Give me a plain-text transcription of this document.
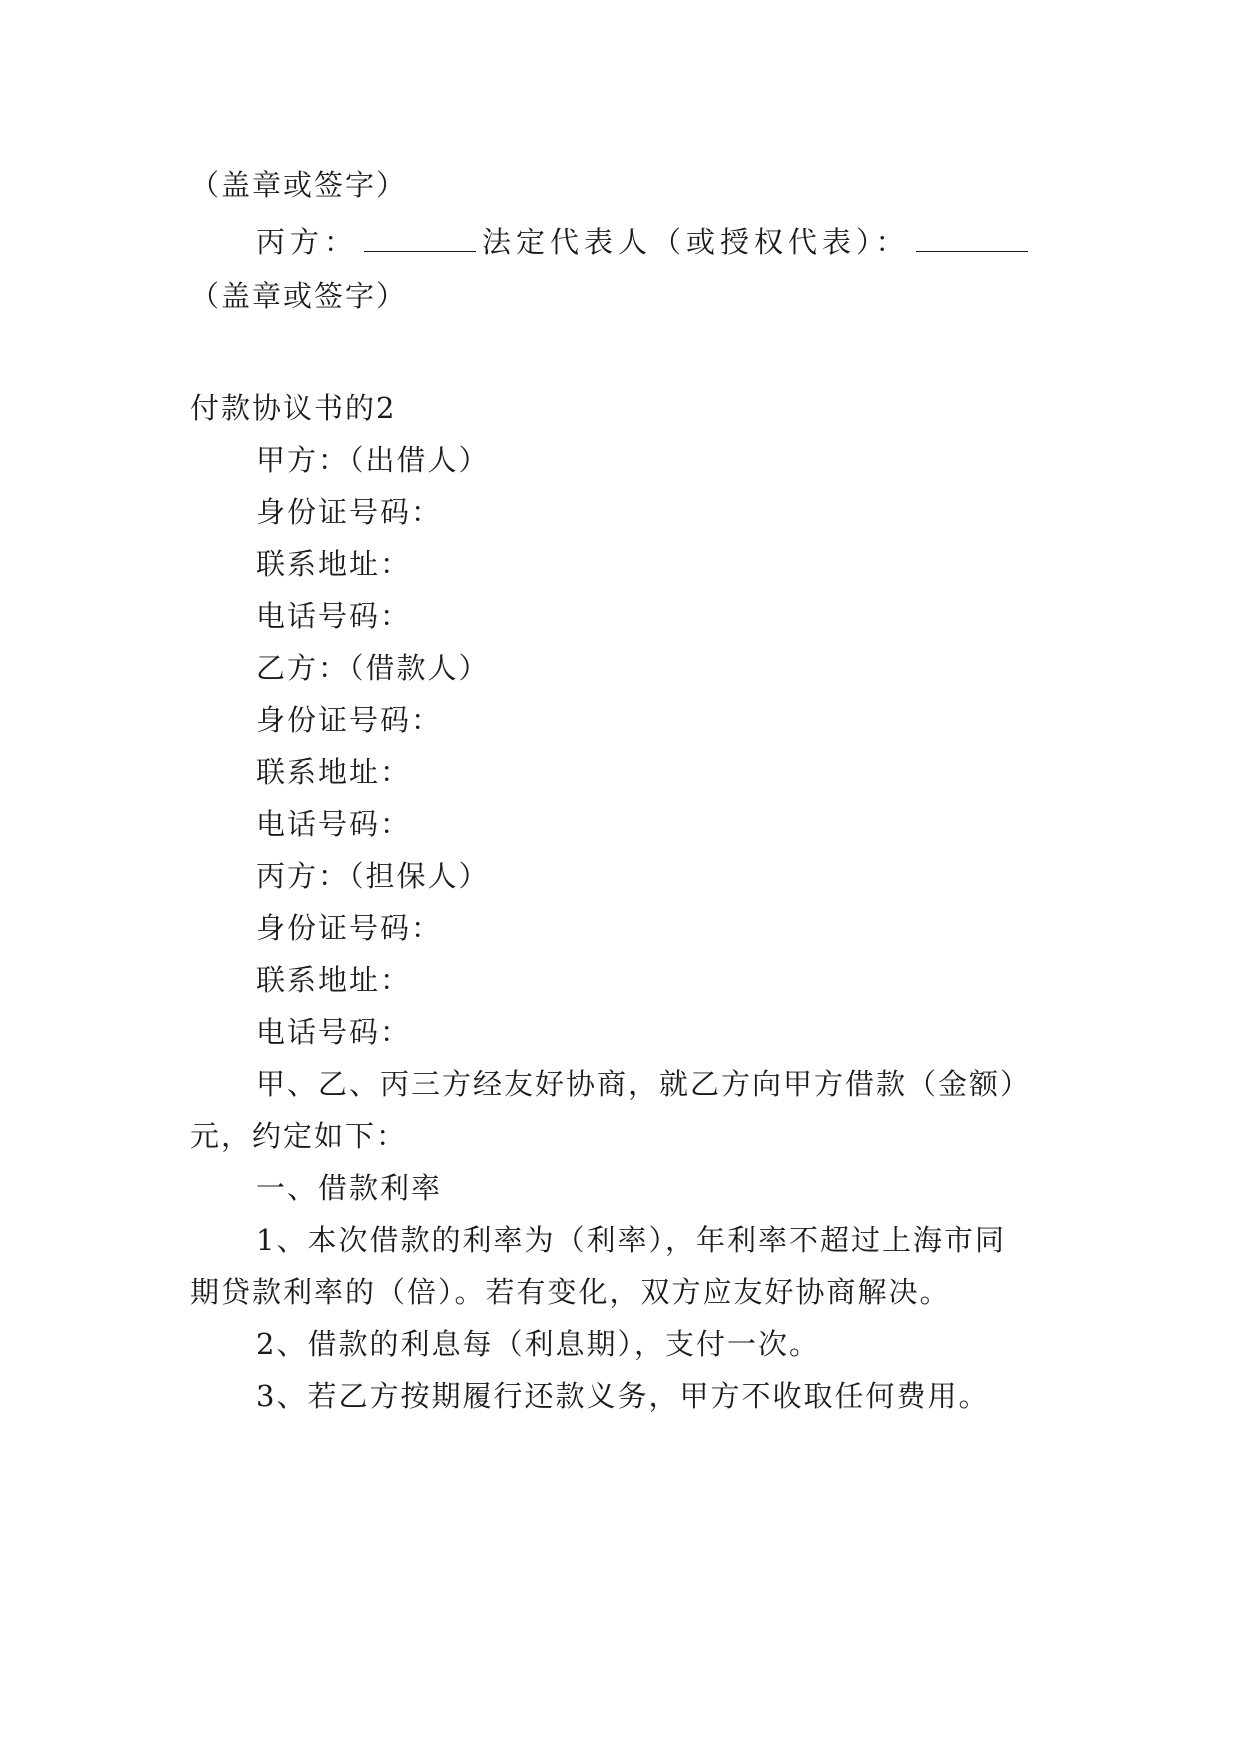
（盖章或签字）
丙方：	法定代表人（或授权代表）：
（盖章或签字）
付款协议书的2
甲方：（出借人）
身份证号码：
联系地址：
电话号码：
乙方：（借款人）
身份证号码：
联系地址：
电话号码：
丙方：（担保人）
身份证号码：
联系地址：
电话号码：
甲、乙、丙三方经友好协商，就乙方向甲方借款（金额）
元，约定如下：
一、借款利率
1、本次借款的利率为（利率），年利率不超过上海市同
期贷款利率的（倍）。若有变化，双方应友好协商解决。
2、借款的利息每（利息期），支付一次。
3、若乙方按期履行还款义务，甲方不收取任何费用。
